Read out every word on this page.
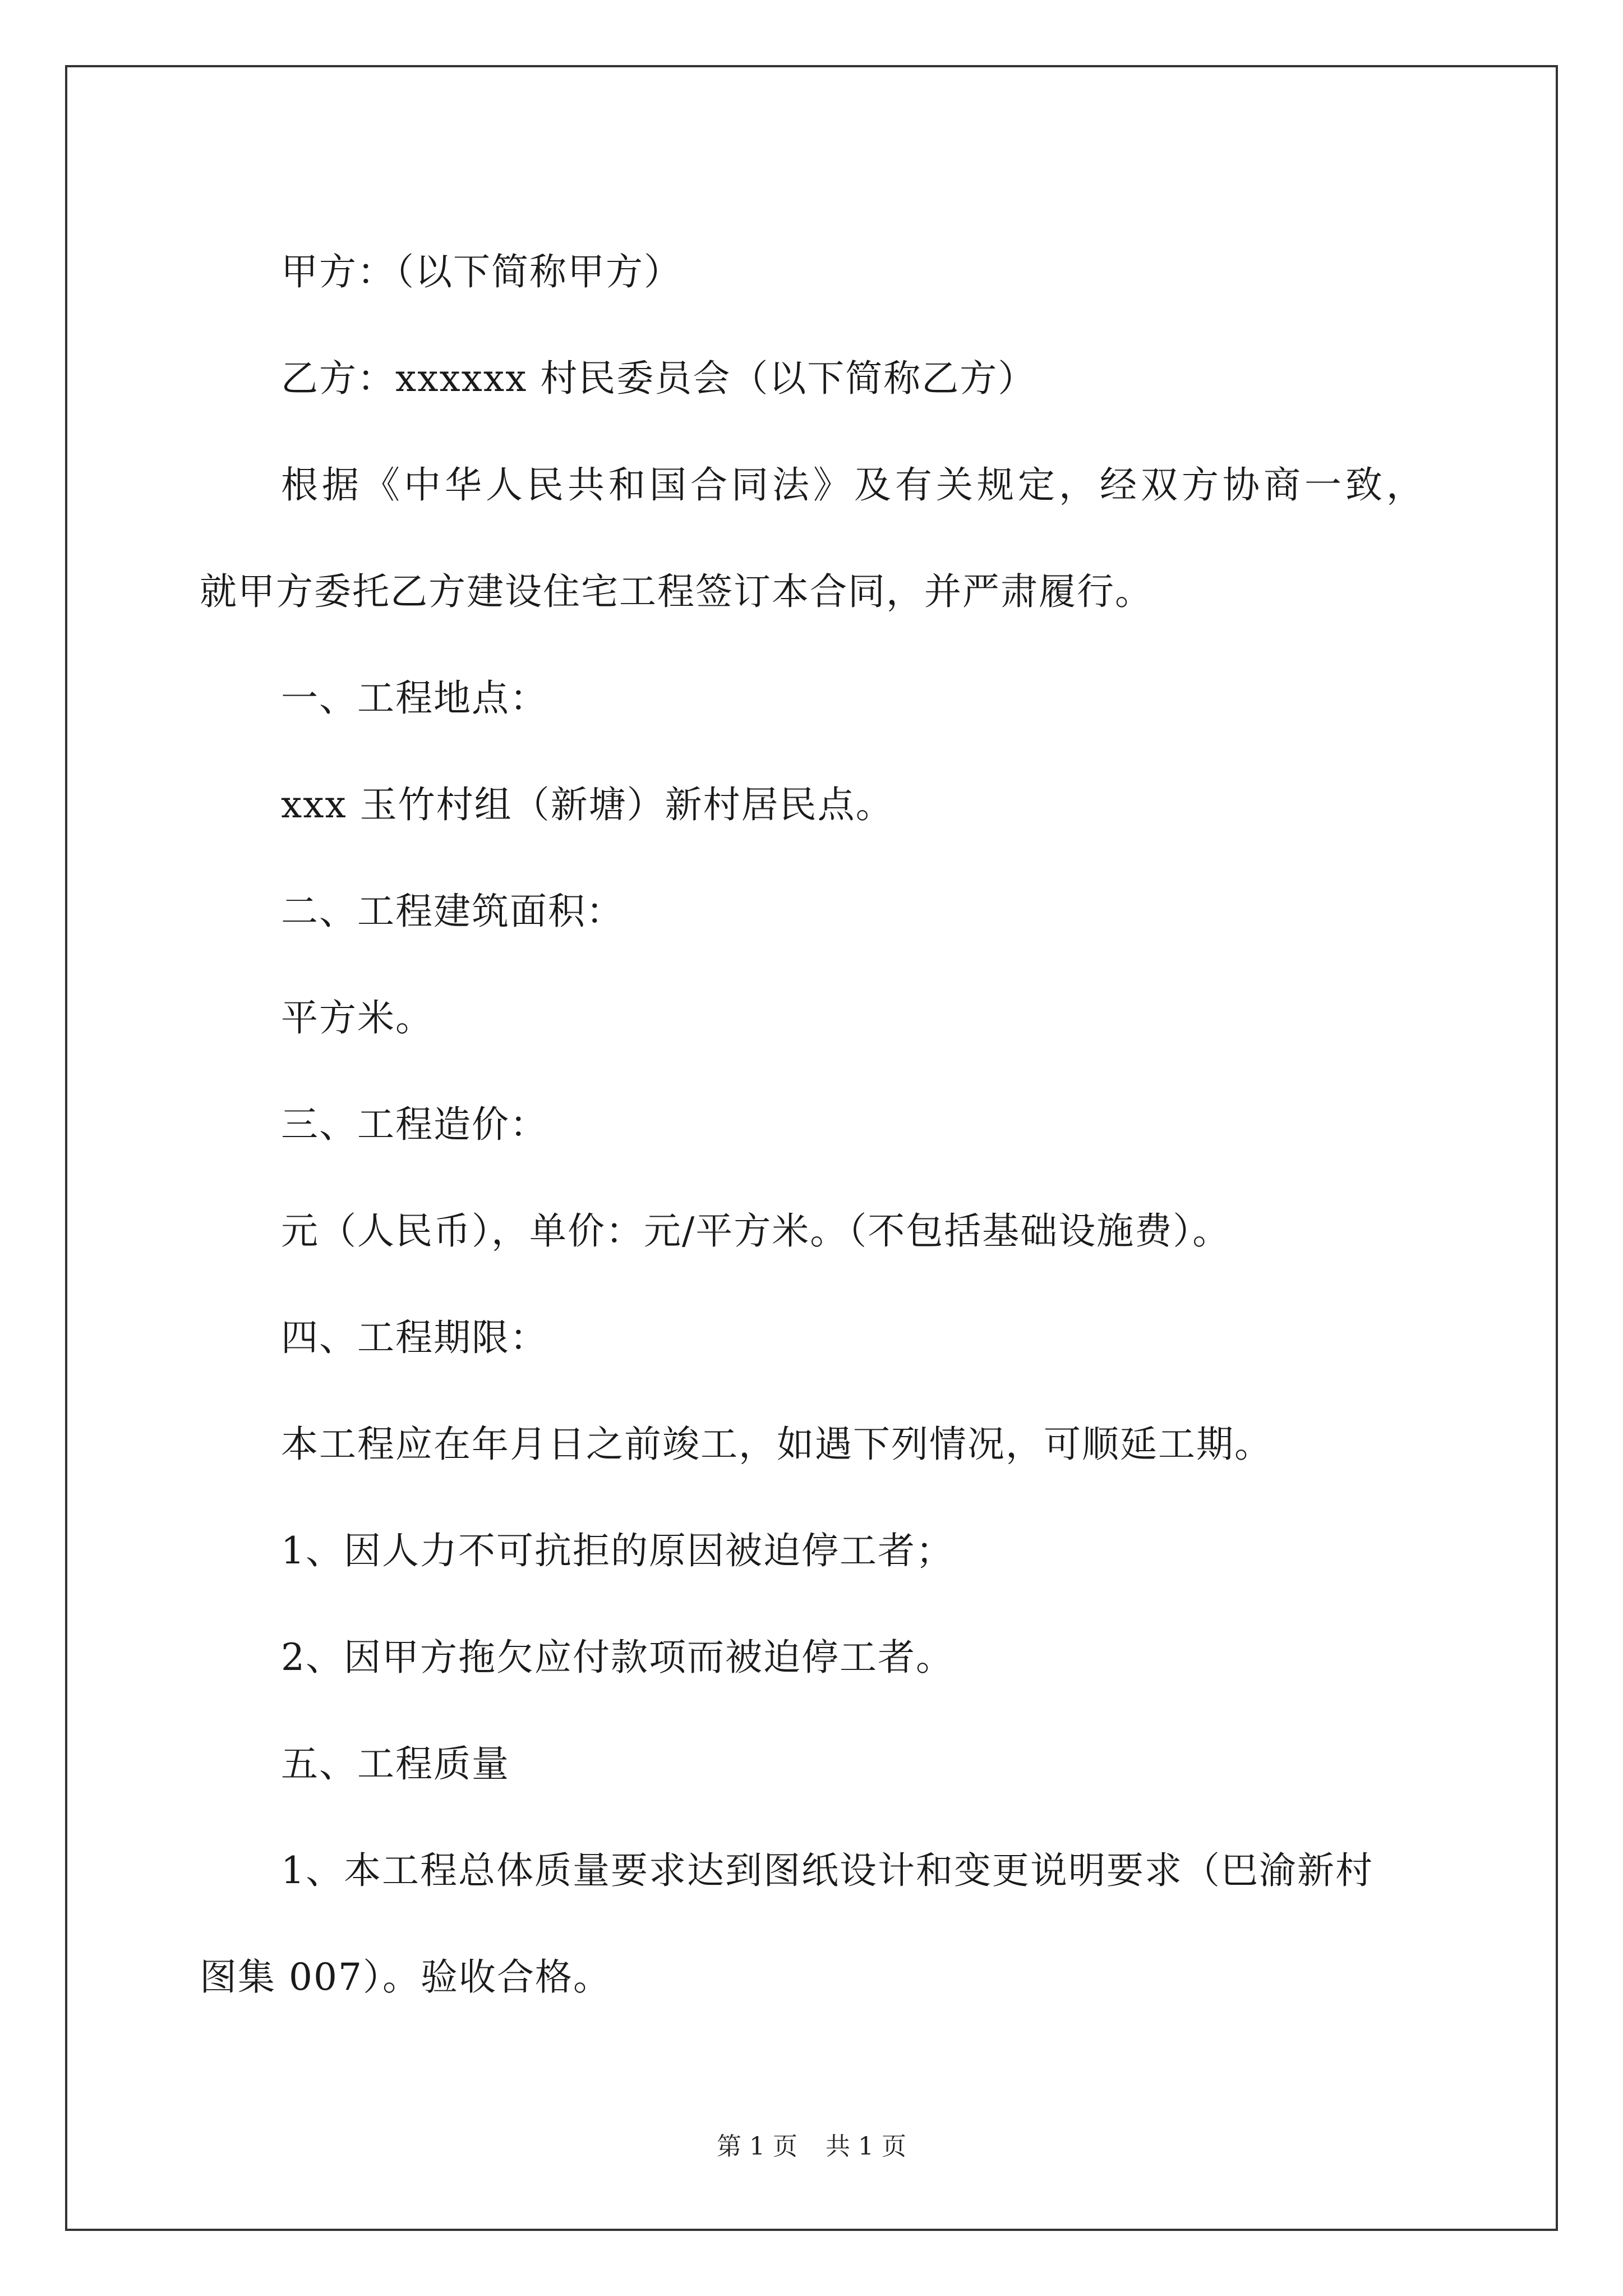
甲方：（以下简称甲方）

乙方：xxxxxx 村民委员会（以下简称乙方）

根据《中华人民共和国合同法》及有关规定，经双方协商一致，

就甲方委托乙方建设住宅工程签订本合同，并严肃履行。

一、工程地点：

xxx 玉竹村组（新塘）新村居民点。

二、工程建筑面积：

平方米。

三、工程造价：

元（人民币），单价：元/平方米。（不包括基础设施费）。

四、工程期限：

本工程应在年月日之前竣工，如遇下列情况，可顺延工期。

1、因人力不可抗拒的原因被迫停工者；

2、因甲方拖欠应付款项而被迫停工者。

五、工程质量

1、本工程总体质量要求达到图纸设计和变更说明要求（巴渝新村

图集 007）。验收合格。

第 1 页 共 1 页
